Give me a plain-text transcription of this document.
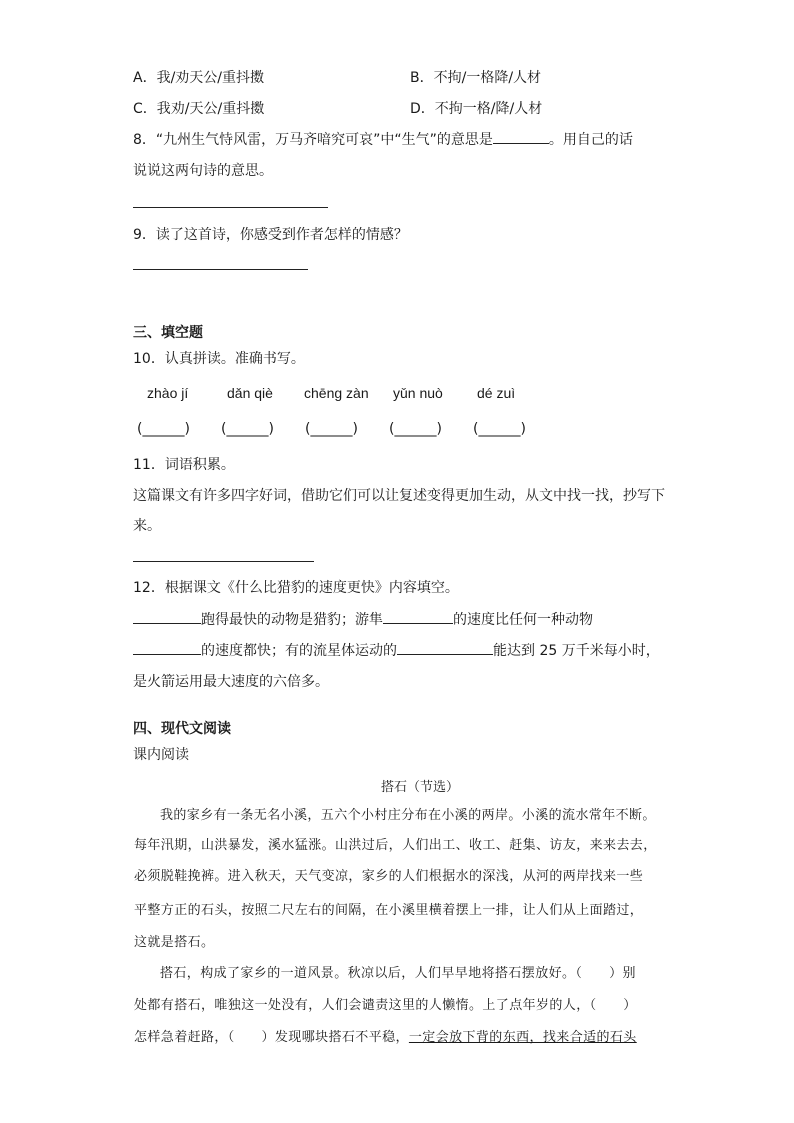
A．我/劝天公/重抖擞	B．不拘/一格降/人材
C．我劝/天公/重抖擞	D．不拘一格/降/人材
8．“九州生气恃风雷，万马齐喑究可哀”中“生气”的意思是	。用自己的话
说说这两句诗的意思。
9．读了这首诗，你感受到作者怎样的情感？
三、填空题
10．认真拼读。准确书写。
zhào jí	dǎn qiè chēng zàn yǔn nuò dé zuì
(______) (______) (______) (______) (______)
11．词语积累。
这篇课文有许多四字好词，借助它们可以让复述变得更加生动，从文中找一找，抄写下
来。
12．根据课文《什么比猎豹的速度更快》内容填空。
跑得最快的动物是猎豹；游隼	的速度比任何一种动物
的速度都快；有的流星体运动的	能达到 25 万千米每小时，
是火箭运用最大速度的六倍多。
四、现代文阅读
课内阅读
搭石（节选）
我的家乡有一条无名小溪，五六个小村庄分布在小溪的两岸。小溪的流水常年不断。
每年汛期，山洪暴发，溪水猛涨。山洪过后，人们出工、收工、赶集、访友，来来去去，
必须脱鞋挽裤。进入秋天，天气变凉，家乡的人们根据水的深浅，从河的两岸找来一些
平整方正的石头，按照二尺左右的间隔，在小溪里横着摆上一排，让人们从上面踏过，
这就是搭石。
搭石，构成了家乡的一道风景。秋凉以后，人们早早地将搭石摆放好。（　　）别
处都有搭石，唯独这一处没有，人们会谴责这里的人懒惰。上了点年岁的人，（　　）
怎样急着赶路，（　　）发现哪块搭石不平稳，一定会放下背的东西，找来合适的石头
